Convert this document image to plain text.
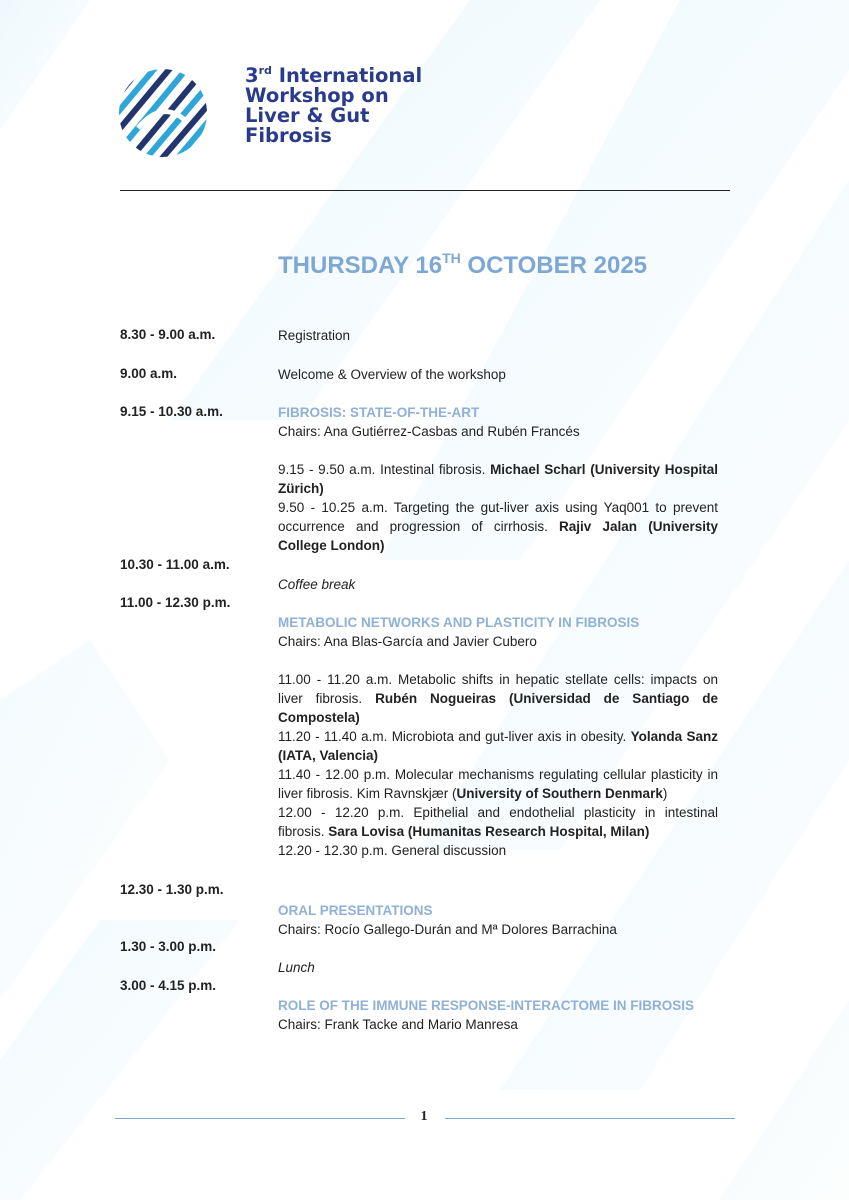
3rd International
Workshop on
Liver & Gut
Fibrosis
THURSDAY 16TH OCTOBER 2025
8.30 - 9.00 a.m.	Registration
9.00 a.m.	Welcome & Overview of the workshop
9.15 - 10.30 a.m.	FIBROSIS: STATE-OF-THE-ART
Chairs: Ana Gutiérrez-Casbas and Rubén Francés
9.15 - 9.50 a.m. Intestinal fibrosis. Michael Scharl (University Hospital Zürich)
9.50 - 10.25 a.m. Targeting the gut-liver axis using Yaq001 to prevent occurrence and progression of cirrhosis. Rajiv Jalan (University College London)
10.30 - 11.00 a.m.
Coffee break
11.00 - 12.30 p.m.
METABOLIC NETWORKS AND PLASTICITY IN FIBROSIS
Chairs: Ana Blas-García and Javier Cubero
11.00 - 11.20 a.m. Metabolic shifts in hepatic stellate cells: impacts on liver fibrosis. Rubén Nogueiras (Universidad de Santiago de Compostela)
11.20 - 11.40 a.m. Microbiota and gut-liver axis in obesity. Yolanda Sanz (IATA, Valencia)
11.40 - 12.00 p.m. Molecular mechanisms regulating cellular plasticity in liver fibrosis. Kim Ravnskjær (University of Southern Denmark)
12.00 - 12.20 p.m. Epithelial and endothelial plasticity in intestinal fibrosis. Sara Lovisa (Humanitas Research Hospital, Milan)
12.20 - 12.30 p.m. General discussion
12.30 - 1.30 p.m.
ORAL PRESENTATIONS
Chairs: Rocío Gallego-Durán and Mª Dolores Barrachina
1.30 - 3.00 p.m.
Lunch
3.00 - 4.15 p.m.
ROLE OF THE IMMUNE RESPONSE-INTERACTOME IN FIBROSIS
Chairs: Frank Tacke and Mario Manresa
1
